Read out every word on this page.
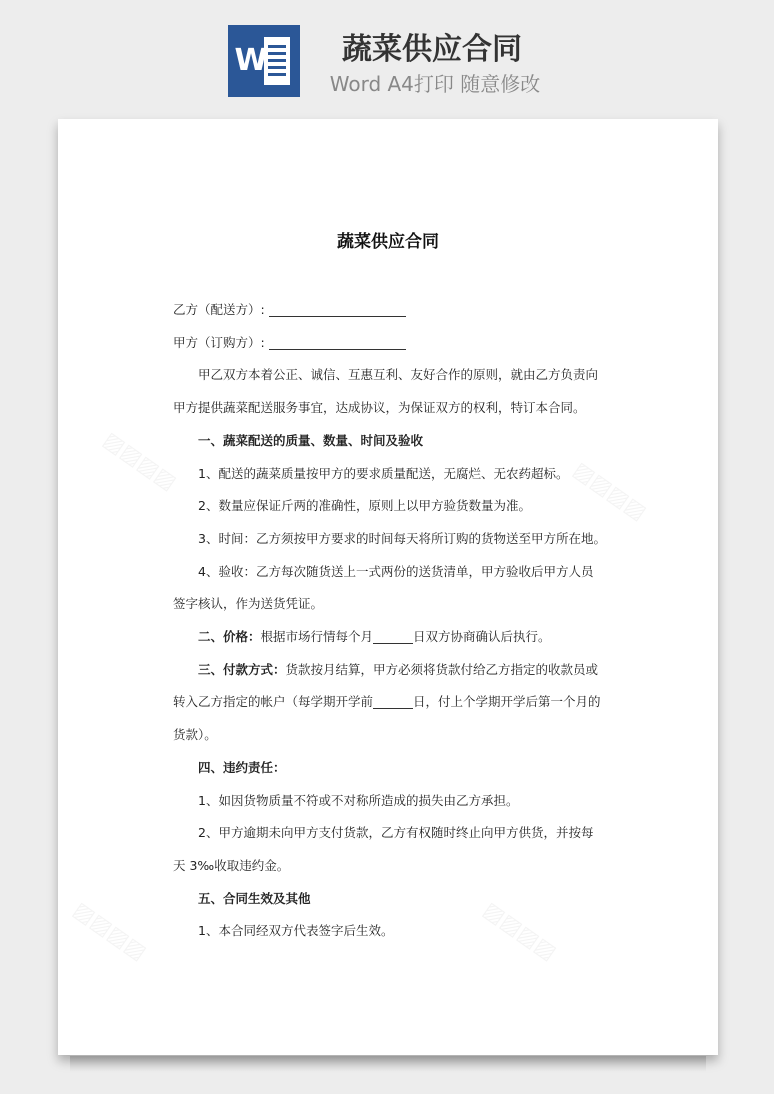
W	蔬菜供应合同
Word A4打印 随意修改
蔬菜供应合同
乙方（配送方）:
甲方（订购方）:
甲乙双方本着公正、诚信、互惠互利、友好合作的原则，就由乙方负责向
甲方提供蔬菜配送服务事宜，达成协议，为保证双方的权利，特订本合同。
一、蔬菜配送的质量、数量、时间及验收
1、配送的蔬菜质量按甲方的要求质量配送，无腐烂、无农药超标。
2、数量应保证斤两的准确性，原则上以甲方验货数量为准。
3、时间：乙方须按甲方要求的时间每天将所订购的货物送至甲方所在地。
4、验收：乙方每次随货送上一式两份的送货清单，甲方验收后甲方人员
签字核认，作为送货凭证。
二、价格：根据市场行情每个月	日双方协商确认后执行。
三、付款方式：货款按月结算，甲方必须将货款付给乙方指定的收款员或
转入乙方指定的帐户（每学期开学前	日，付上个学期开学后第一个月的
货款）。
四、违约责任：
1、如因货物质量不符或不对称所造成的损失由乙方承担。
2、甲方逾期未向甲方支付货款，乙方有权随时终止向甲方供货，并按每
天 3‰收取违约金。
五、合同生效及其他
1、本合同经双方代表签字后生效。
